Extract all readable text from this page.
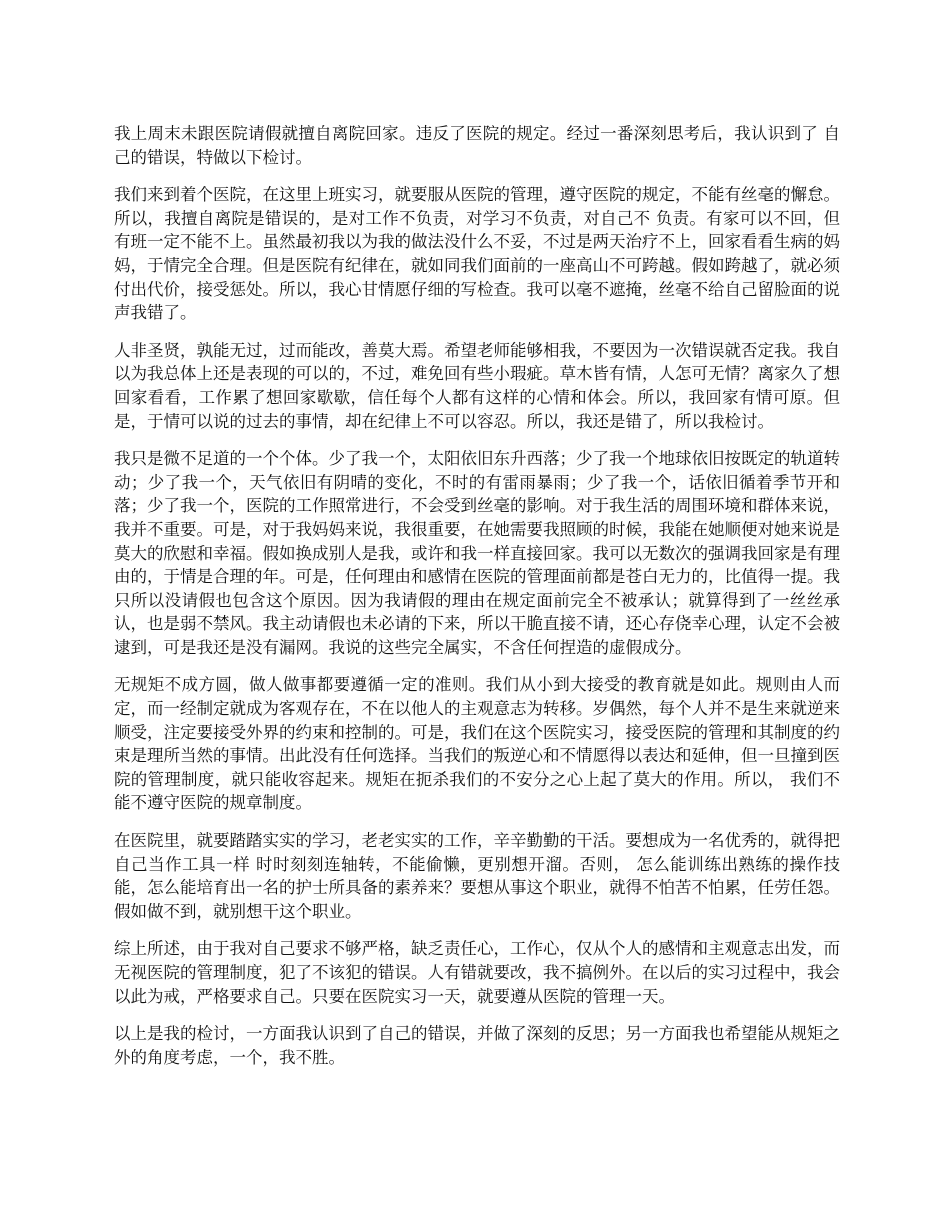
我上周末未跟医院请假就擅自离院回家。违反了医院的规定。经过一番深刻思考后，我认识到了 自己的错误，特做以下检讨。

我们来到着个医院，在这里上班实习，就要服从医院的管理，遵守医院的规定，不能有丝毫的懈怠。所以，我擅自离院是错误的，是对工作不负责，对学习不负责，对自己不 负责。有家可以不回，但有班一定不能不上。虽然最初我以为我的做法没什么不妥，不过是两天治疗不上，回家看看生病的妈妈，于情完全合理。但是医院有纪律在，就如同我们面前的一座高山不可跨越。假如跨越了，就必须付出代价，接受惩处。所以，我心甘情愿仔细的写检查。我可以毫不遮掩，丝毫不给自己留脸面的说声我错了。

人非圣贤，孰能无过，过而能改，善莫大焉。希望老师能够相我，不要因为一次错误就否定我。我自以为我总体上还是表现的可以的，不过，难免回有些小瑕疵。草木皆有情，人怎可无情？离家久了想回家看看，工作累了想回家歇歇，信任每个人都有这样的心情和体会。所以，我回家有情可原。但是，于情可以说的过去的事情，却在纪律上不可以容忍。所以，我还是错了，所以我检讨。

我只是微不足道的一个个体。少了我一个，太阳依旧东升西落；少了我一个地球依旧按既定的轨道转动；少了我一个，天气依旧有阴晴的变化，不时的有雷雨暴雨；少了我一个，话依旧循着季节开和落；少了我一个，医院的工作照常进行，不会受到丝毫的影响。对于我生活的周围环境和群体来说，我并不重要。可是，对于我妈妈来说，我很重要，在她需要我照顾的时候，我能在她顺便对她来说是莫大的欣慰和幸福。假如换成别人是我，或许和我一样直接回家。我可以无数次的强调我回家是有理由的，于情是合理的年。可是，任何理由和感情在医院的管理面前都是苍白无力的，比值得一提。我只所以没请假也包含这个原因。因为我请假的理由在规定面前完全不被承认；就算得到了一丝丝承认，也是弱不禁风。我主动请假也未必请的下来，所以干脆直接不请，还心存侥幸心理，认定不会被逮到，可是我还是没有漏网。我说的这些完全属实，不含任何捏造的虚假成分。

无规矩不成方圆，做人做事都要遵循一定的准则。我们从小到大接受的教育就是如此。规则由人而定，而一经制定就成为客观存在，不在以他人的主观意志为转移。岁偶然，每个人并不是生来就逆来顺受，注定要接受外界的约束和控制的。可是，我们在这个医院实习，接受医院的管理和其制度的约束是理所当然的事情。出此没有任何选择。当我们的叛逆心和不情愿得以表达和延伸，但一旦撞到医院的管理制度，就只能收容起来。规矩在扼杀我们的不安分之心上起了莫大的作用。所以， 我们不能不遵守医院的规章制度。

在医院里，就要踏踏实实的学习，老老实实的工作，辛辛勤勤的干活。要想成为一名优秀的，就得把自己当作工具一样 时时刻刻连轴转，不能偷懒，更别想开溜。否则， 怎么能训练出熟练的操作技能，怎么能培育出一名的护士所具备的素养来？要想从事这个职业，就得不怕苦不怕累，任劳任怨。假如做不到，就别想干这个职业。

综上所述，由于我对自己要求不够严格，缺乏责任心，工作心，仅从个人的感情和主观意志出发，而无视医院的管理制度，犯了不该犯的错误。人有错就要改，我不搞例外。在以后的实习过程中，我会以此为戒，严格要求自己。只要在医院实习一天，就要遵从医院的管理一天。

以上是我的检讨，一方面我认识到了自己的错误，并做了深刻的反思；另一方面我也希望能从规矩之外的角度考虑，一个，我不胜。
